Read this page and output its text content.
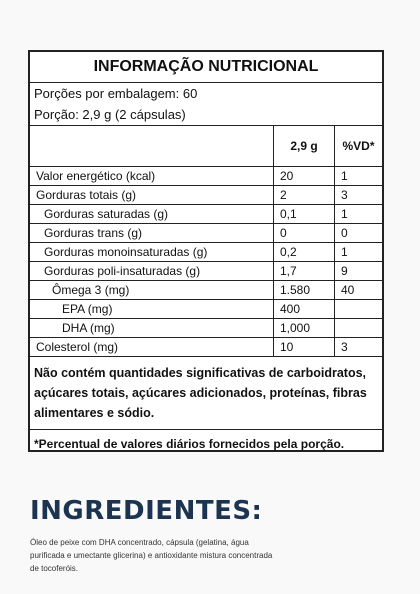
INFORMAÇÃO NUTRICIONAL
Porções por embalagem: 60
Porção: 2,9 g (2 cápsulas)
	2,9 g	%VD*
Valor energético (kcal)	20	1
Gorduras totais (g)	2	3
Gorduras saturadas (g)	0,1	1
Gorduras trans (g)	0	0
Gorduras monoinsaturadas (g)	0,2	1
Gorduras poli-insaturadas (g)	1,7	9
Ômega 3 (mg)	1.580	40
EPA (mg)	400	
DHA (mg)	1,000	
Colesterol (mg)	10	3
Não contém quantidades significativas de carboidratos, açúcares totais, açúcares adicionados, proteínas, fibras alimentares e sódio.
*Percentual de valores diários fornecidos pela porção.
INGREDIENTES:
Óleo de peixe com DHA concentrado, cápsula (gelatina, água purificada e umectante glicerina) e antioxidante mistura concentrada de tocoferóis.
